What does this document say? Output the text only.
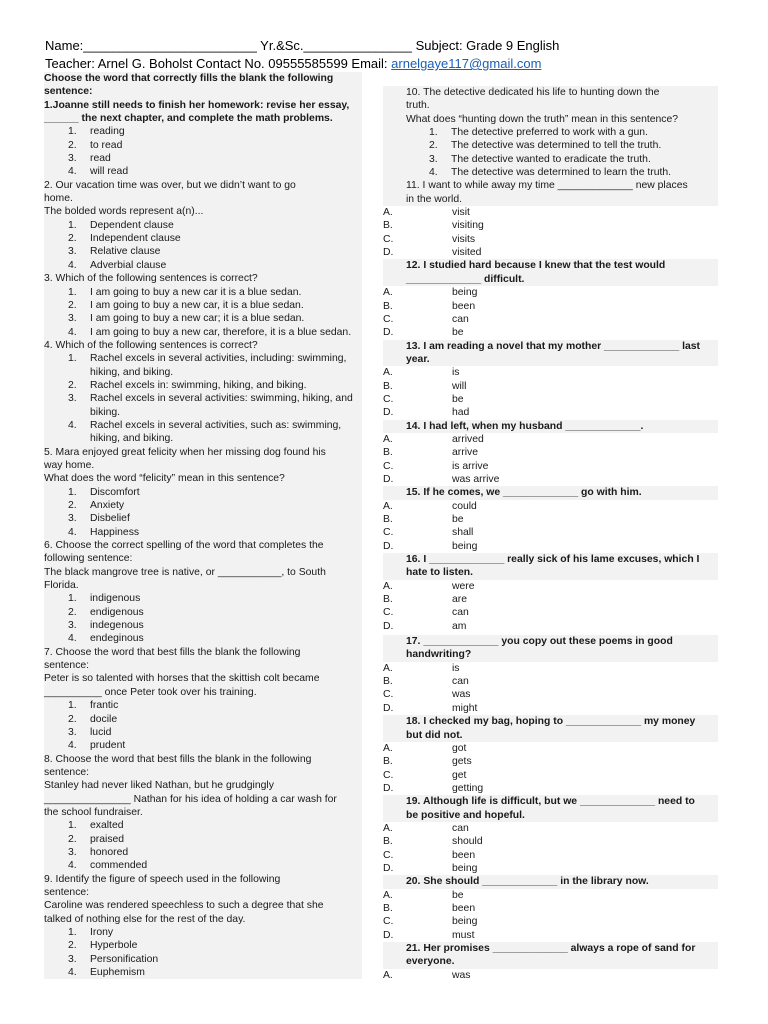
Name:________________________ Yr.&Sc._______________ Subject: Grade 9 English
Teacher: Arnel G. Boholst Contact No. 09555585599 Email: arnelgaye117@gmail.com
Choose the word that correctly fills the blank the following sentence:
1.Joanne still needs to finish her homework: revise her essay,
______ the next chapter, and complete the math problems.
1.	reading
2.	to read
3.	read
4.	will read
2. Our vacation time was over, but we didn’t want to go
home.
The bolded words represent a(n)...
1.	Dependent clause
2.	Independent clause
3.	Relative clause
4.	Adverbial clause
3. Which of the following sentences is correct?
1.	I am going to buy a new car it is a blue sedan.
2.	I am going to buy a new car, it is a blue sedan.
3.	I am going to buy a new car; it is a blue sedan.
4.	I am going to buy a new car, therefore, it is a blue sedan.
4. Which of the following sentences is correct?
1.	Rachel excels in several activities, including: swimming, hiking, and biking.
2.	Rachel excels in: swimming, hiking, and biking.
3.	Rachel excels in several activities: swimming, hiking, and biking.
4.	Rachel excels in several activities, such as: swimming, hiking, and biking.
5. Mara enjoyed great felicity when her missing dog found his
way home.
What does the word “felicity” mean in this sentence?
1.	Discomfort
2.	Anxiety
3.	Disbelief
4.	Happiness
6. Choose the correct spelling of the word that completes the
following sentence:
The black mangrove tree is native, or ___________, to South
Florida.
1.	indigenous
2.	endigenous
3.	indegenous
4.	endeginous
7. Choose the word that best fills the blank the following
sentence:
Peter is so talented with horses that the skittish colt became
__________ once Peter took over his training.
1.	frantic
2.	docile
3.	lucid
4.	prudent
8. Choose the word that best fills the blank in the following
sentence:
Stanley had never liked Nathan, but he grudgingly
_______________ Nathan for his idea of holding a car wash for
the school fundraiser.
1.	exalted
2.	praised
3.	honored
4.	commended
9. Identify the figure of speech used in the following
sentence:
Caroline was rendered speechless to such a degree that she
talked of nothing else for the rest of the day.
1.	Irony
2.	Hyperbole
3.	Personification
4.	Euphemism
10. The detective dedicated his life to hunting down the
truth.
What does “hunting down the truth” mean in this sentence?
1.	The detective preferred to work with a gun.
2.	The detective was determined to tell the truth.
3.	The detective wanted to eradicate the truth.
4.	The detective was determined to learn the truth.
11. I want to while away my time _____________ new places
in the world.
A.	visit
B.	visiting
C.	visits
D.	visited
12. I studied hard because I knew that the test would
_____________ difficult.
A.	being
B.	been
C.	can
D.	be
13. I am reading a novel that my mother _____________ last
year.
A.	is
B.	will
C.	be
D.	had
14. I had left, when my husband _____________.
A.	arrived
B.	arrive
C.	is arrive
D.	was arrive
15. If he comes, we _____________ go with him.
A.	could
B.	be
C.	shall
D.	being
16. I _____________ really sick of his lame excuses, which I
hate to listen.
A.	were
B.	are
C.	can
D.	am
17. _____________ you copy out these poems in good
handwriting?
A.	is
B.	can
C.	was
D.	might
18. I checked my bag, hoping to _____________ my money
but did not.
A.	got
B.	gets
C.	get
D.	getting
19. Although life is difficult, but we _____________ need to
be positive and hopeful.
A.	can
B.	should
C.	been
D.	being
20. She should _____________ in the library now.
A.	be
B.	been
C.	being
D.	must
21. Her promises _____________ always a rope of sand for
everyone.
A.	was
